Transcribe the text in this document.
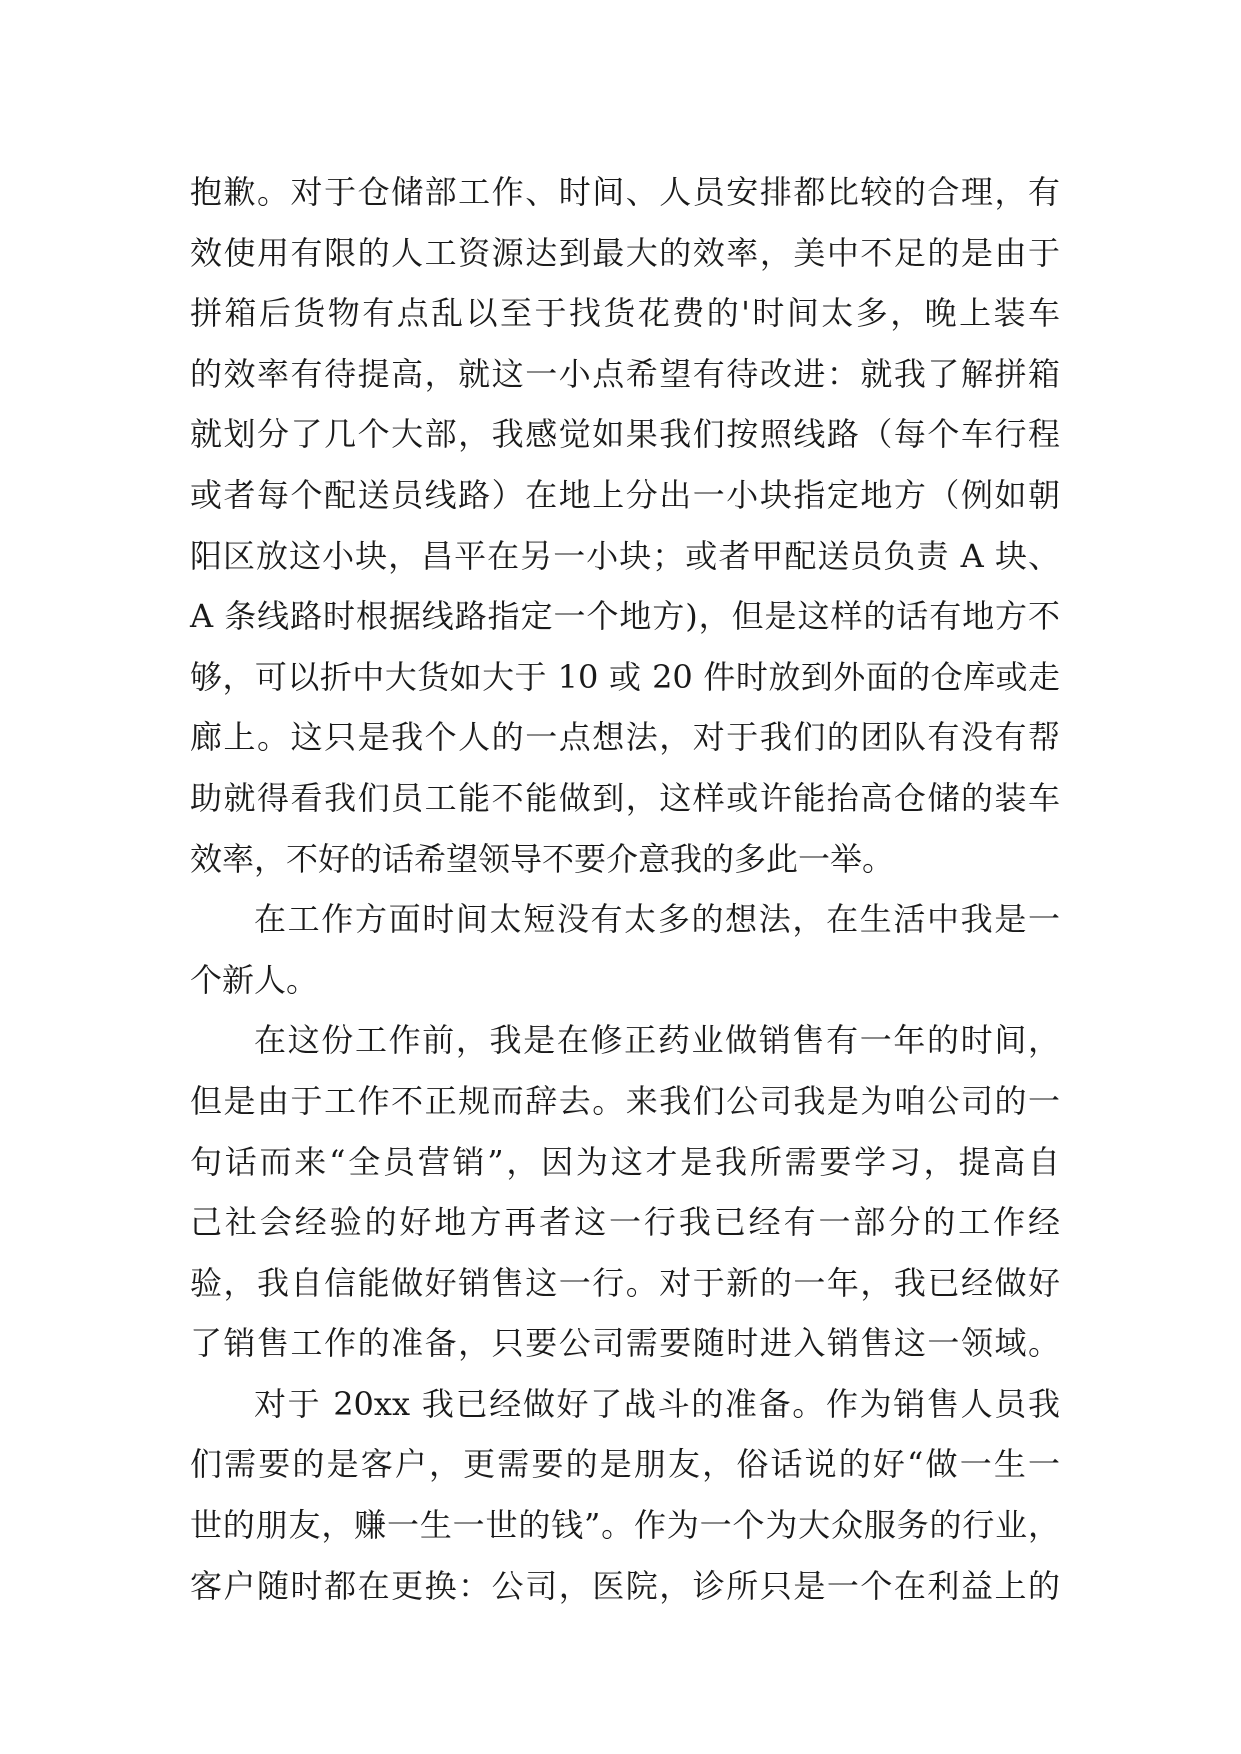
抱歉。对于仓储部工作、时间、人员安排都比较的合理，有
效使用有限的人工资源达到最大的效率，美中不足的是由于
拼箱后货物有点乱以至于找货花费的'时间太多，晚上装车
的效率有待提高，就这一小点希望有待改进：就我了解拼箱
就划分了几个大部，我感觉如果我们按照线路（每个车行程
或者每个配送员线路）在地上分出一小块指定地方（例如朝
阳区放这小块，昌平在另一小块；或者甲配送员负责 A 块、
A 条线路时根据线路指定一个地方)，但是这样的话有地方不
够，可以折中大货如大于 10 或 20 件时放到外面的仓库或走
廊上。这只是我个人的一点想法，对于我们的团队有没有帮
助就得看我们员工能不能做到，这样或许能抬高仓储的装车
效率，不好的话希望领导不要介意我的多此一举。
在工作方面时间太短没有太多的想法，在生活中我是一
个新人。
在这份工作前，我是在修正药业做销售有一年的时间，
但是由于工作不正规而辞去。来我们公司我是为咱公司的一
句话而来“全员营销”，因为这才是我所需要学习，提高自
己社会经验的好地方再者这一行我已经有一部分的工作经
验，我自信能做好销售这一行。对于新的一年，我已经做好
了销售工作的准备，只要公司需要随时进入销售这一领域。
对于 20xx 我已经做好了战斗的准备。作为销售人员我
们需要的是客户，更需要的是朋友，俗话说的好“做一生一
世的朋友，赚一生一世的钱”。作为一个为大众服务的行业，
客户随时都在更换：公司，医院，诊所只是一个在利益上的
